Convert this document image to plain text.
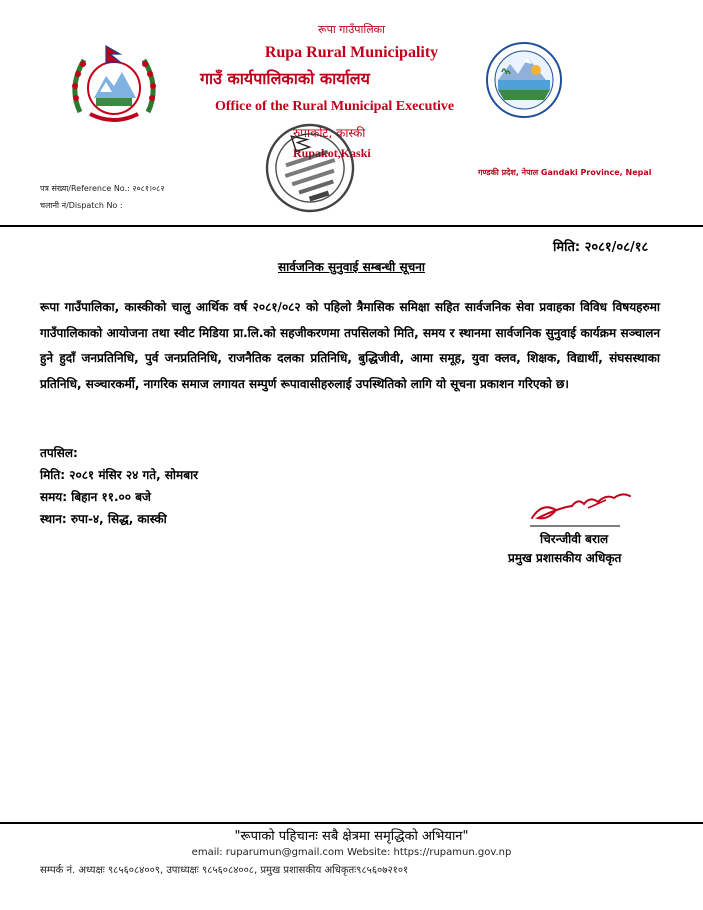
रूपा गाउँपालिका
Rupa Rural Municipality
गाउँ कार्यपालिकाको कार्यालय
Office of the Rural Municipal Executive
रुपाकोट, कास्की
Rupakot,Kaski
गण्डकी प्रदेश, नेपाल Gandaki Province, Nepal
पत्र संख्या/Reference No.: २०८१।०८२
चलानी नं/Dispatch No :
मिति: २०८१/०८/१८
सार्वजनिक सुनुवाई सम्बन्धी सूचना
रूपा गाउँपालिका, कास्कीको चालु आर्थिक वर्ष २०८१/०८२ को पहिलो त्रैमासिक समिक्षा सहित सार्वजनिक सेवा प्रवाहका विविध विषयहरुमा गाउँपालिकाको आयोजना तथा स्वीट मिडिया प्रा.लि.को सहजीकरणमा तपसिलको मिति, समय र स्थानमा सार्वजनिक सुनुवाई कार्यक्रम सञ्चालन हुने हुदाँ जनप्रतिनिधि, पुर्व जनप्रतिनिधि, राजनैतिक दलका प्रतिनिधि, बुद्धिजीवी, आमा समूह, युवा क्लव, शिक्षक, विद्यार्थी, संघसस्थाका प्रतिनिधि, सञ्चारकर्मी, नागरिक समाज लगायत सम्पुर्ण रूपावासीहरुलाई उपस्थितिको लागि यो सूचना प्रकाशन गरिएको छ।
तपसिल:
मिति: २०८१ मंसिर २४ गते, सोमबार
समय: बिहान ११.०० बजे
स्थान: रुपा-४, सिद्ध, कास्की
चिरन्जीवी बराल
प्रमुख प्रशासकीय अधिकृत
"रूपाको पहिचानः सबै क्षेत्रमा समृद्धिको अभियान"
email: ruparumun@gmail.com Website: https://rupamun.gov.np
सम्पर्क नं. अध्यक्षः ९८५६०८४००९, उपाध्यक्षः ९८५६०८४००८, प्रमुख प्रशासकीय अधिकृतः९८५६०७२१०१
